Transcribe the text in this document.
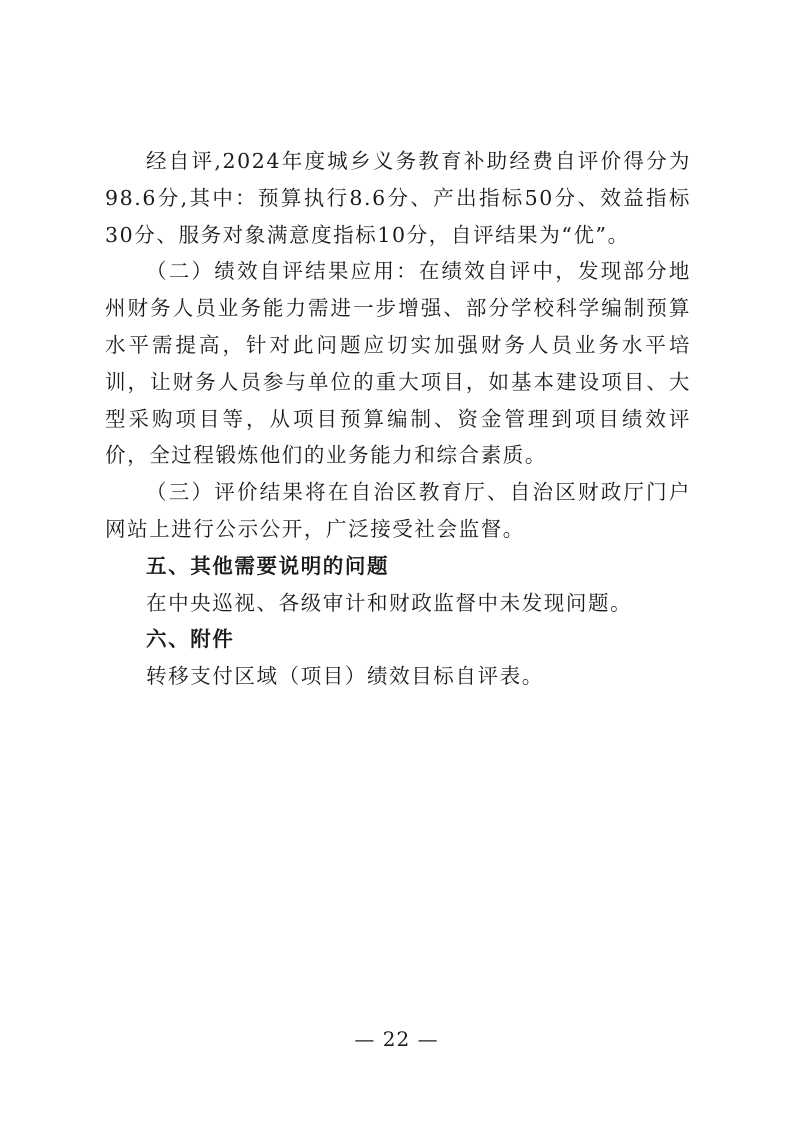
经自评,2024年度城乡义务教育补助经费自评价得分为98.6分,其中：预算执行8.6分、产出指标50分、效益指标30分、服务对象满意度指标10分，自评结果为“优”。

（二）绩效自评结果应用：在绩效自评中，发现部分地州财务人员业务能力需进一步增强、部分学校科学编制预算水平需提高，针对此问题应切实加强财务人员业务水平培训，让财务人员参与单位的重大项目，如基本建设项目、大型采购项目等，从项目预算编制、资金管理到项目绩效评价，全过程锻炼他们的业务能力和综合素质。

（三）评价结果将在自治区教育厅、自治区财政厅门户网站上进行公示公开，广泛接受社会监督。

五、其他需要说明的问题

在中央巡视、各级审计和财政监督中未发现问题。

六、附件

转移支付区域（项目）绩效目标自评表。

— 22 —
